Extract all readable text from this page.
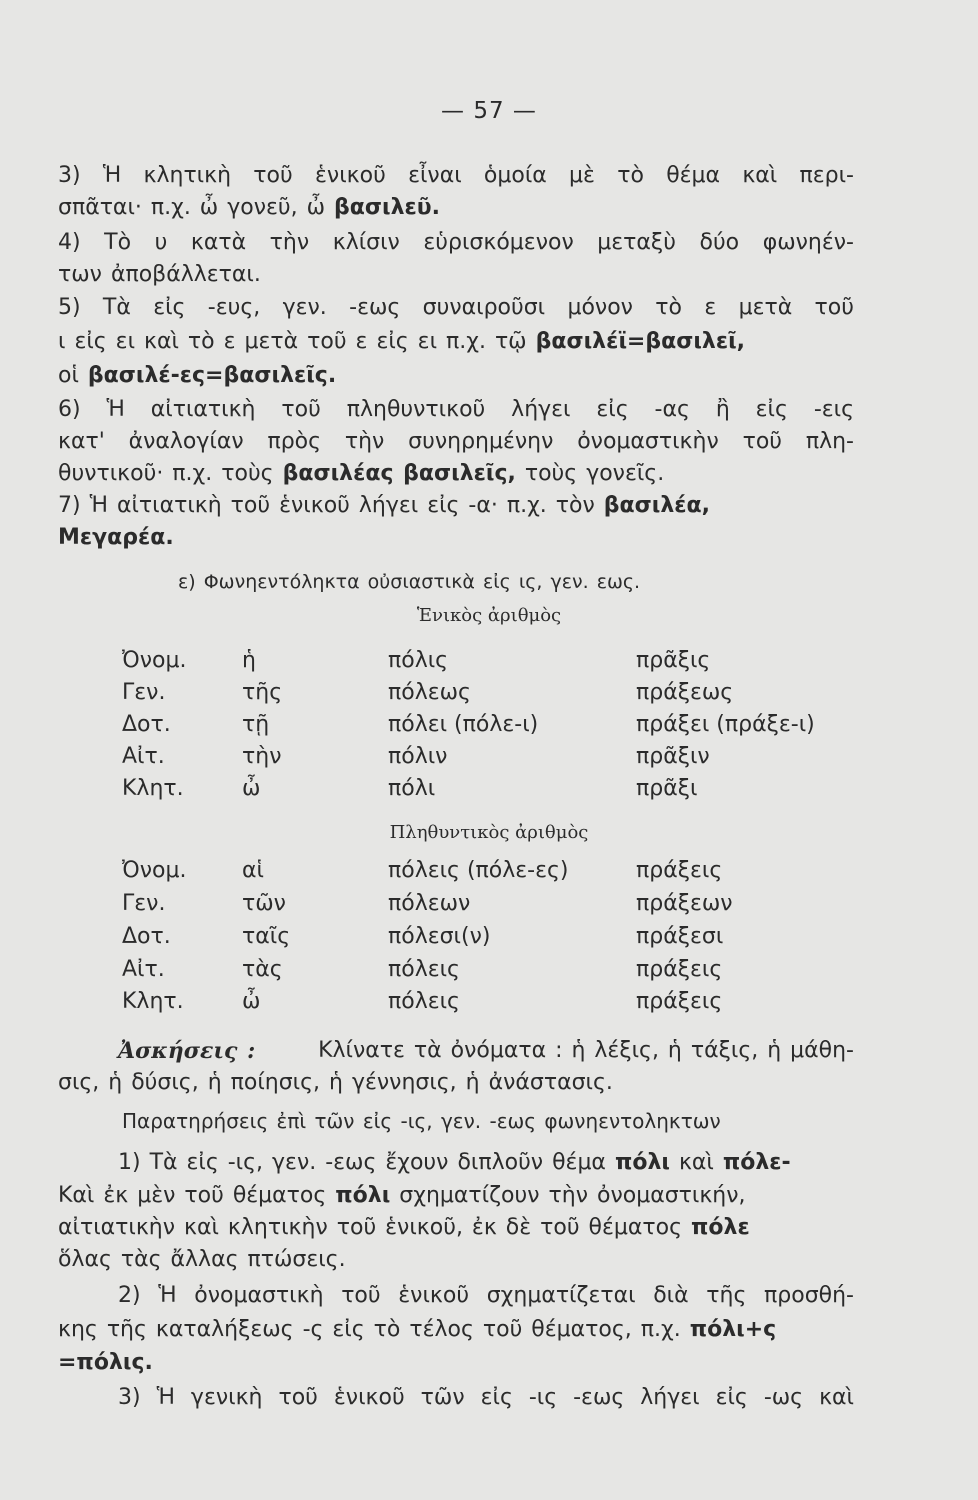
— 57 —
3) Ἡ κλητικὴ τοῦ ἑνικοῦ εἶναι ὁμοία μὲ τὸ θέμα καὶ περι-
σπᾶται· π.χ. ὦ γονεῦ, ὦ βασιλεῦ.
4) Τὸ υ κατὰ τὴν κλίσιν εὑρισκόμενον μεταξὺ δύο φωνηέν-
των ἀποβάλλεται.
5) Τὰ εἰς -ευς, γεν. -εως συναιροῦσι μόνον τὸ ε μετὰ τοῦ
ι εἰς ει καὶ τὸ ε μετὰ τοῦ ε εἰς ει π.χ. τῷ βασιλέϊ=βασιλεῖ,
οἱ βασιλέ-ες=βασιλεῖς.
6) Ἡ αἰτιατικὴ τοῦ πληθυντικοῦ λήγει εἰς -ας ἢ εἰς -εις
κατ' ἀναλογίαν πρὸς τὴν συνηρημένην ὀνομαστικὴν τοῦ πλη-
θυντικοῦ· π.χ. τοὺς βασιλέας βασιλεῖς, τοὺς γονεῖς.
7) Ἡ αἰτιατικὴ τοῦ ἑνικοῦ λήγει εἰς -α· π.χ. τὸν βασιλέα,
Μεγαρέα.
ε) Φωνηεντόληκτα οὐσιαστικὰ εἰς ις, γεν. εως.
Ἑνικὸς ἀριθμὸς
Ὀνομ.	ἡ	πόλις	πρᾶξις
Γεν.	τῆς	πόλεως	πράξεως
Δοτ.	τῇ	πόλει (πόλε-ι)	πράξει (πράξε-ι)
Αἰτ.	τὴν	πόλιν	πρᾶξιν
Κλητ.	ὦ	πόλι	πρᾶξι
Πληθυντικὸς ἀριθμὸς
Ὀνομ.	αἱ	πόλεις (πόλε-ες)	πράξεις
Γεν.	τῶν	πόλεων	πράξεων
Δοτ.	ταῖς	πόλεσι(ν)	πράξεσι
Αἰτ.	τὰς	πόλεις	πράξεις
Κλητ.	ὦ	πόλεις	πράξεις
Ἀσκήσεις :	Κλίνατε τὰ ὀνόματα : ἡ λέξις, ἡ τάξις, ἡ μάθη-
σις, ἡ δύσις, ἡ ποίησις, ἡ γέννησις, ἡ ἀνάστασις.
Παρατηρήσεις ἐπὶ τῶν εἰς -ις, γεν. -εως φωνηεντοληκτων
1) Τὰ εἰς -ις, γεν. -εως ἔχουν διπλοῦν θέμα πόλι καὶ πόλε-
Καὶ ἐκ μὲν τοῦ θέματος πόλι σχηματίζουν τὴν ὀνομαστικήν,
αἰτιατικὴν καὶ κλητικὴν τοῦ ἑνικοῦ, ἐκ δὲ τοῦ θέματος πόλε
ὅλας τὰς ἄλλας πτώσεις.
2) Ἡ ὀνομαστικὴ τοῦ ἑνικοῦ σχηματίζεται διὰ τῆς προσθή-
κης τῆς καταλήξεως -ς εἰς τὸ τέλος τοῦ θέματος, π.χ. πόλι+ς
=πόλις.
3) Ἡ γενικὴ τοῦ ἑνικοῦ τῶν εἰς -ις -εως λήγει εἰς -ως καὶ
